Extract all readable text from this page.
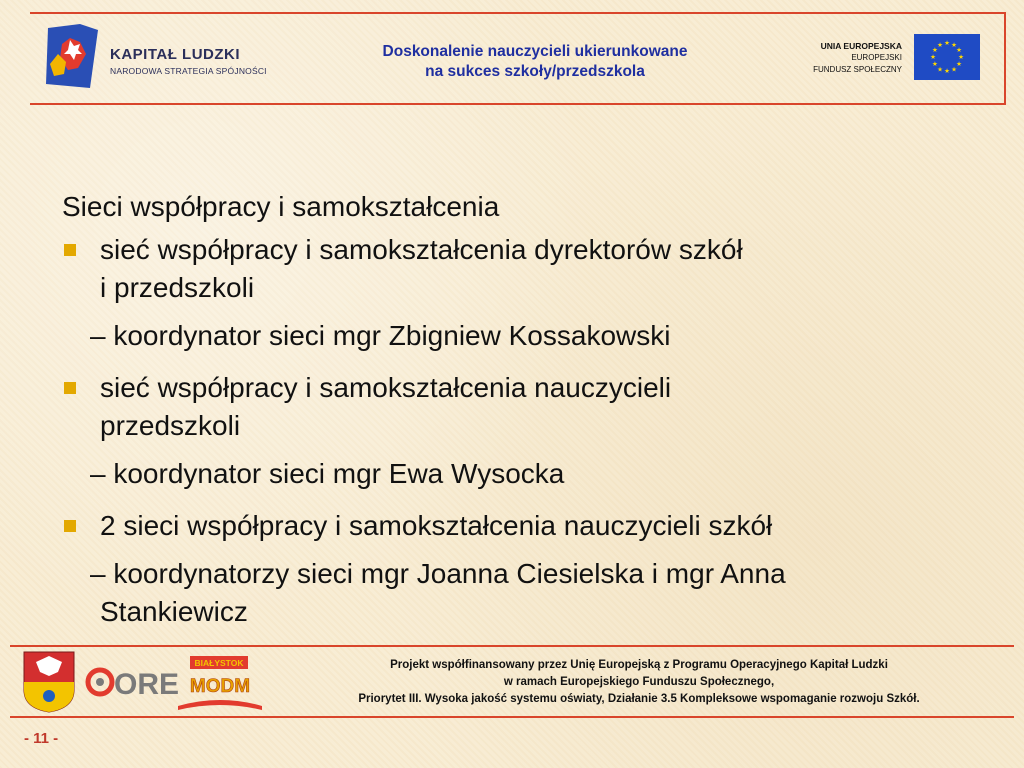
KAPITAŁ LUDZKI
NARODOWA STRATEGIA SPÓJNOŚCI
Doskonalenie nauczycieli ukierunkowane
na sukces szkoły/przedszkola
UNIA EUROPEJSKA
EUROPEJSKI
FUNDUSZ SPOŁECZNY
★ ★
★
★
★
★
★
★
★
★
★
★
Sieci współpracy i samokształcenia
sieć współpracy i samokształcenia dyrektorów szkół
i przedszkoli
– koordynator sieci mgr Zbigniew Kossakowski
sieć współpracy i samokształcenia nauczycieli
przedszkoli
– koordynator sieci mgr Ewa Wysocka
2 sieci współpracy i samokształcenia nauczycieli szkół
– koordynatorzy sieci mgr Joanna Ciesielska i mgr Anna
Stankiewicz
ORE
BIAŁYSTOK
MODM
Projekt współfinansowany przez Unię Europejską z Programu Operacyjnego Kapitał Ludzki
w ramach Europejskiego Funduszu Społecznego,
Priorytet III. Wysoka jakość systemu oświaty, Działanie 3.5 Kompleksowe wspomaganie rozwoju Szkół.
- 11 -
